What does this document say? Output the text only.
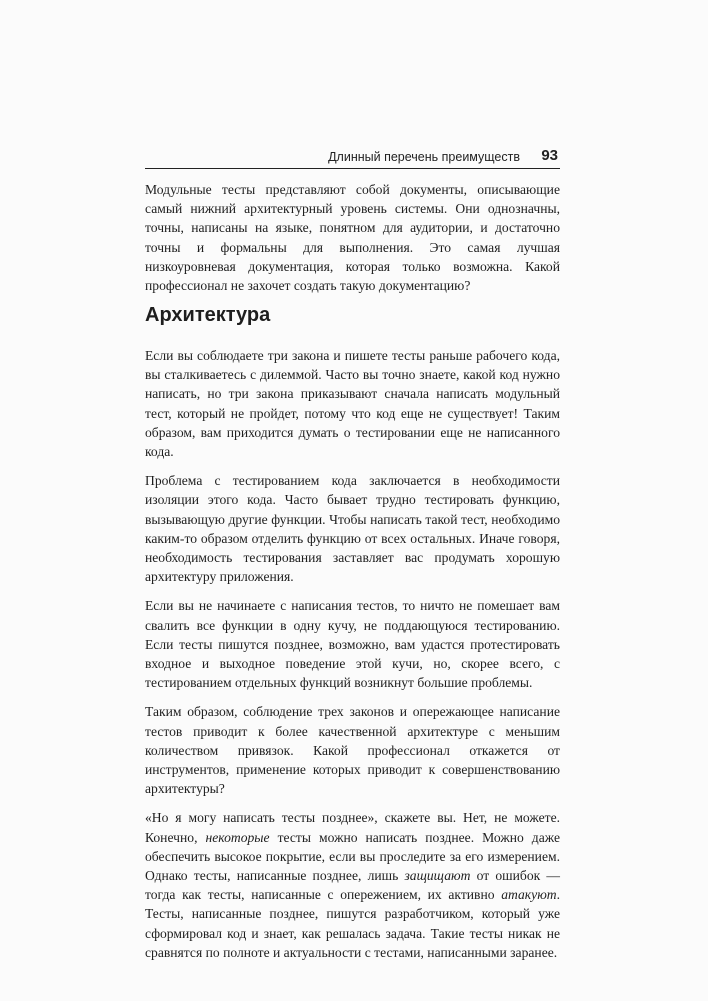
Длинный перечень преимуществ 93

Модульные тесты представляют собой документы, описывающие самый нижний архитектурный уровень системы. Они однозначны, точны, написаны на языке, понятном для аудитории, и достаточно точны и формальны для выполнения. Это самая лучшая низкоуровневая документация, которая только возможна. Какой профессионал не захочет создать такую документацию?

Архитектура

Если вы соблюдаете три закона и пишете тесты раньше рабочего кода, вы сталкиваетесь с дилеммой. Часто вы точно знаете, какой код нужно написать, но три закона приказывают сначала написать модульный тест, который не пройдет, потому что код еще не существует! Таким образом, вам приходится думать о тестировании еще не написанного кода.

Проблема с тестированием кода заключается в необходимости изоляции этого кода. Часто бывает трудно тестировать функцию, вызывающую другие функции. Чтобы написать такой тест, необходимо каким-то образом отделить функцию от всех остальных. Иначе говоря, необходимость тестирования заставляет вас продумать хорошую архитектуру приложения.

Если вы не начинаете с написания тестов, то ничто не помешает вам свалить все функции в одну кучу, не поддающуюся тестированию. Если тесты пишутся позднее, возможно, вам удастся протестировать входное и выходное поведение этой кучи, но, скорее всего, с тестированием отдельных функций возникнут большие проблемы.

Таким образом, соблюдение трех законов и опережающее написание тестов приводит к более качественной архитектуре с меньшим количеством привязок. Какой профессионал откажется от инструментов, применение которых приводит к совершенствованию архитектуры?

«Но я могу написать тесты позднее», скажете вы. Нет, не можете. Конечно, некоторые тесты можно написать позднее. Можно даже обеспечить высокое покрытие, если вы проследите за его измерением. Однако тесты, написанные позднее, лишь защищают от ошибок — тогда как тесты, написанные с опережением, их активно атакуют. Тесты, написанные позднее, пишутся разработчиком, который уже сформировал код и знает, как решалась задача. Такие тесты никак не сравнятся по полноте и актуальности с тестами, написанными заранее.
